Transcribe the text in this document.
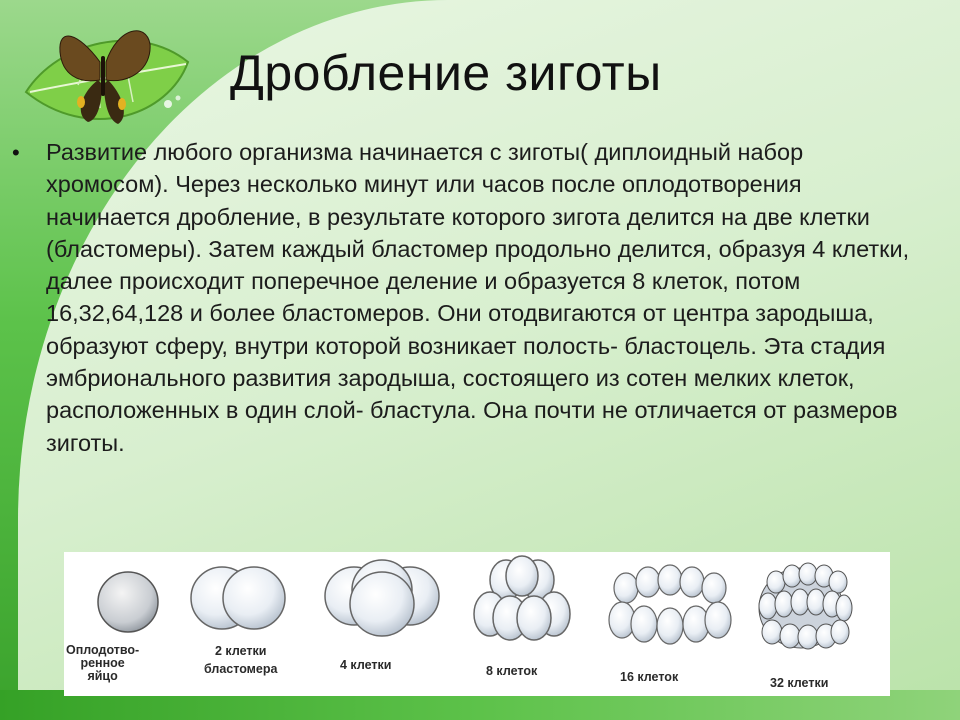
Дробление зиготы
• Развитие любого организма начинается с зиготы( диплоидный набор хромосом). Через несколько минут или часов после оплодотворения начинается дробление, в результате которого зигота делится на две клетки (бластомеры). Затем каждый бластомер продольно делится, образуя 4 клетки, далее происходит поперечное деление и образуется 8 клеток, потом 16,32,64,128 и более бластомеров. Они отодвигаются от центра зародыша, образуют сферу, внутри которой возникает полость- бластоцель. Эта стадия эмбрионального развития зародыша, состоящего из сотен мелких клеток, расположенных в один слой- бластула. Она почти не отличается от размеров зиготы.

Оплодотво-
ренное
яйцо
2 клетки
бластомера	4 клетки	8 клеток	16 клеток	32 клетки
